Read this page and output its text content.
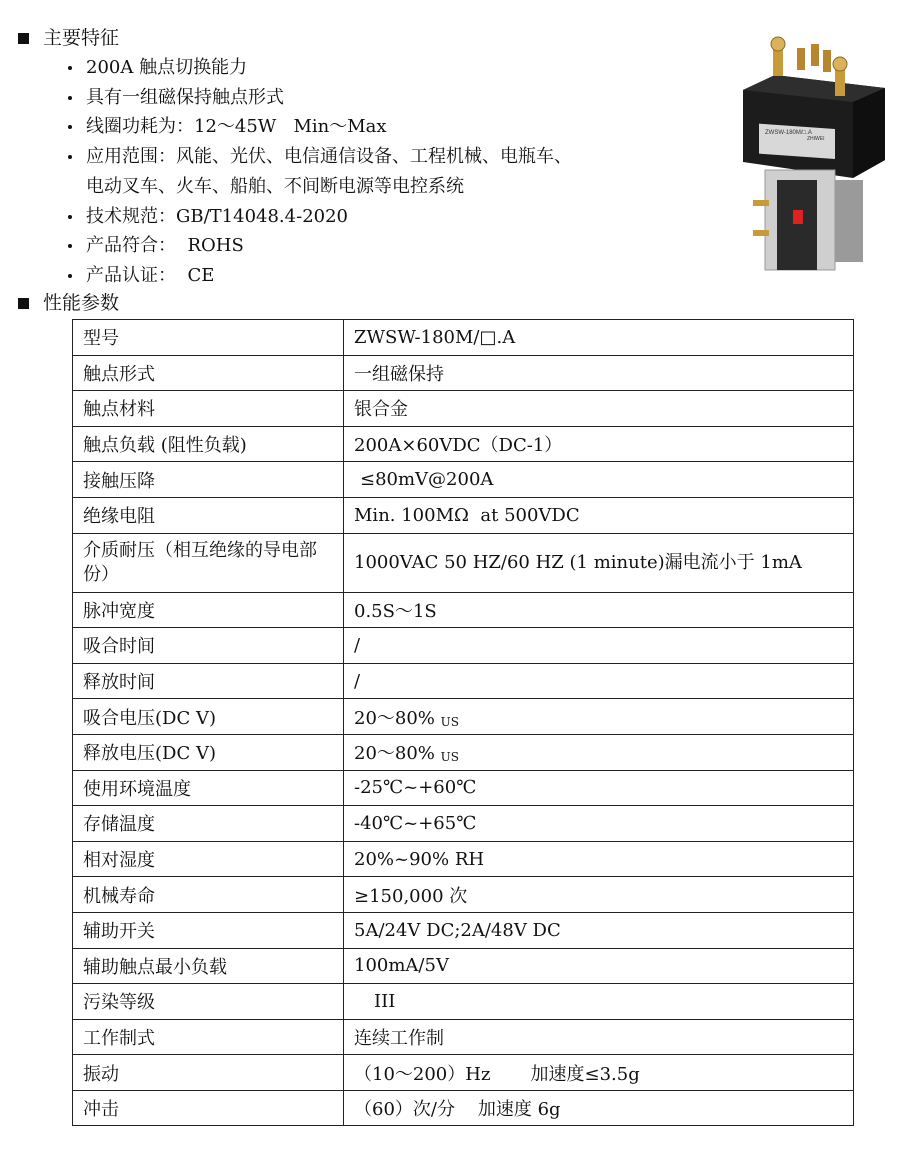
主要特征
200A 触点切换能力
具有一组磁保持触点形式
线圈功耗为：12～45W   Min～Max
应用范围：风能、光伏、电信通信设备、工程机械、电瓶车、
电动叉车、火车、船舶、不间断电源等电控系统
技术规范：GB/T14048.4-2020
产品符合：  ROHS
产品认证：  CE
ZWSW-180M/□.A
ZHIWEI
性能参数
型号	ZWSW-180M/□.A
触点形式	一组磁保持
触点材料	银合金
触点负载 (阻性负载)	200A×60VDC（DC-1）
接触压降	≤80mV@200A
绝缘电阻	Min. 100MΩ  at 500VDC
介质耐压（相互绝缘的导电部份）	1000VAC 50 HZ/60 HZ (1 minute)漏电流小于 1mA
脉冲宽度	0.5S～1S
吸合时间	/
释放时间	/
吸合电压(DC V)	20～80% $_{US}$
释放电压(DC V)	20～80% $_{US}$
使用环境温度	-25℃~+60℃
存储温度	-40℃~+65℃
相对湿度	20%~90% RH
机械寿命	≥150,000 次
辅助开关	5A/24V DC;2A/48V DC
辅助触点最小负载	100mA/5V
污染等级	III
工作制式	连续工作制
振动	（10～200）Hz       加速度≤3.5g
冲击	（60）次/分    加速度 6g
